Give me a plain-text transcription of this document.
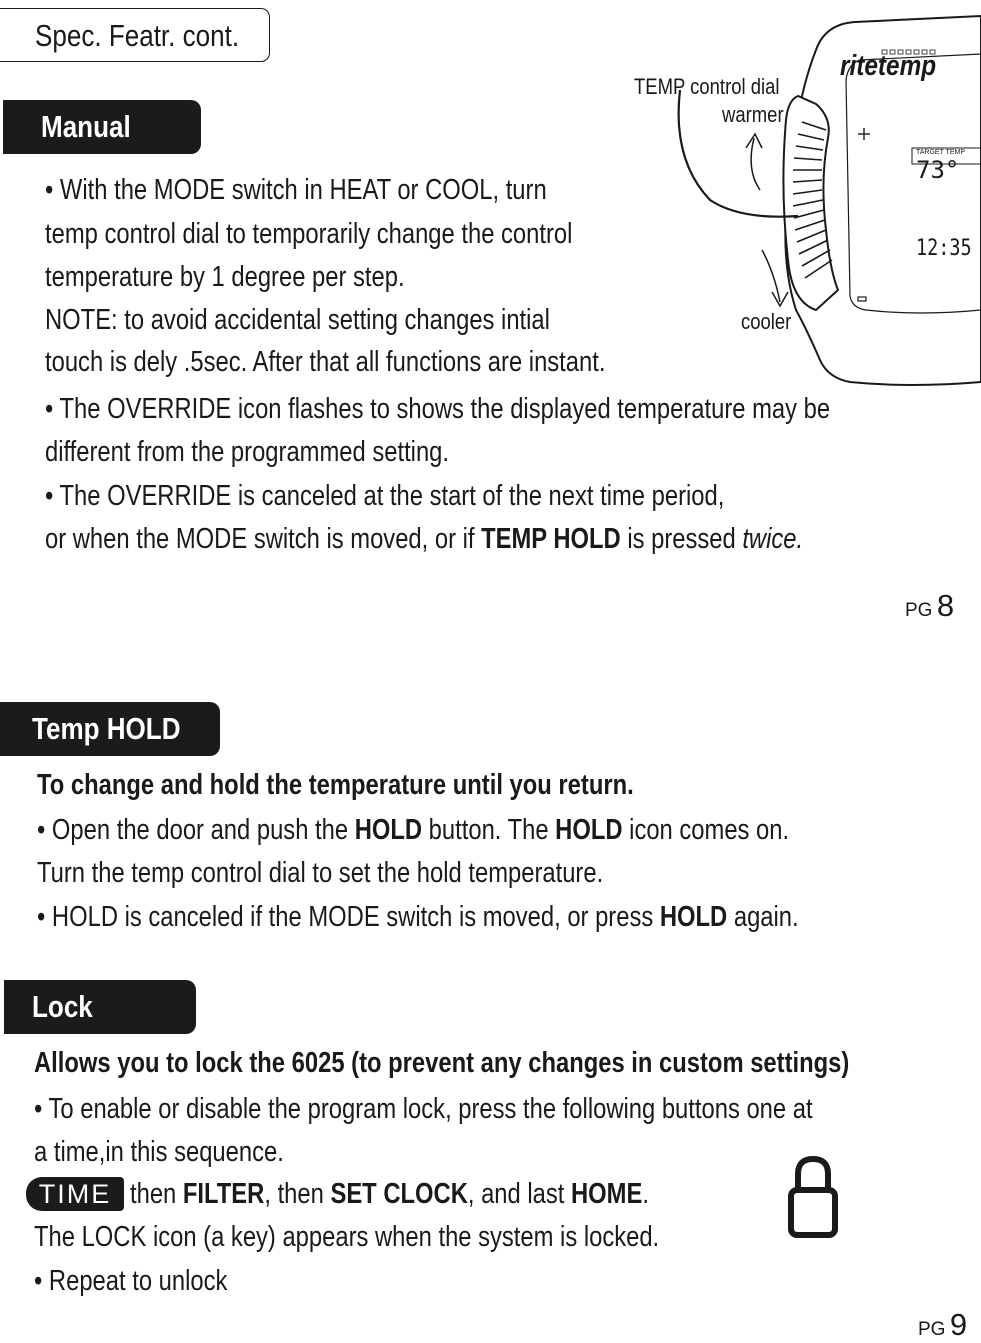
Spec. Featr. cont.
Manual
• With the MODE switch in HEAT or COOL, turn
temp control dial to temporarily change the control
temperature by 1 degree per step.
NOTE: to avoid accidental setting changes intial
touch is dely .5sec. After that all functions are instant.
• The OVERRIDE icon flashes to shows the displayed temperature may be
different from the programmed setting.
• The OVERRIDE is canceled at the start of the next time period,
or when the MODE switch is moved, or if TEMP HOLD is pressed twice.

TEMP control dial

warmer
cooler
ritetemp
TARGET TEMP
73°
12:35
PG 8
Temp HOLD
To change and hold the temperature until you return.
• Open the door and push the HOLD button. The HOLD icon comes on.
Turn the temp control dial to set the hold temperature.
• HOLD is canceled if the MODE switch is moved, or press HOLD again.
Lock
Allows you to lock the 6025 (to prevent any changes in custom settings)
• To enable or disable the program lock, press the following buttons one at
a time,in this sequence.
TIME then FILTER, then SET CLOCK, and last HOME.
The LOCK icon (a key) appears when the system is locked.
• Repeat to unlock
PG 9
